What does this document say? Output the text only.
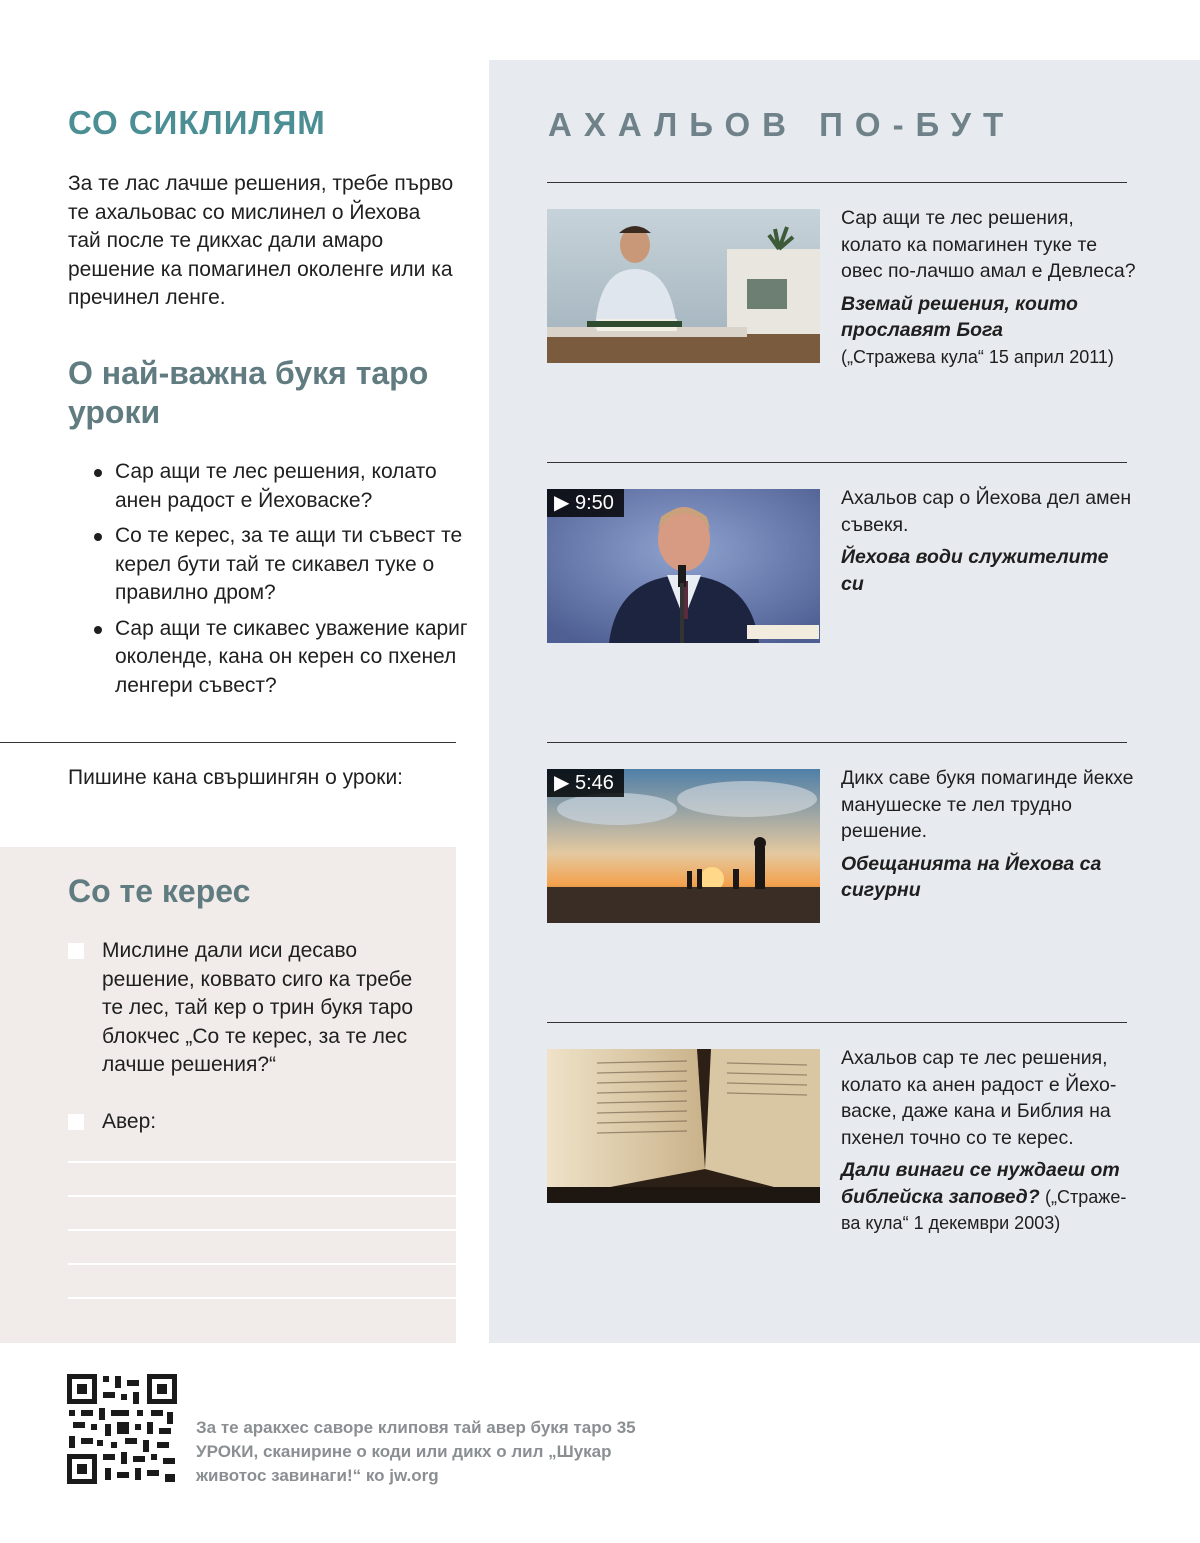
СО СИКЛИЛЯМ

За те лас лачше решения, требе първо те ахальовас со мислинел о Йехова тай после те дикхас дали амаро решение ка помагинел околенге или ка пречинел ленге.

О най-важна букя таро уроки
Сар ащи те лес решения, колато анен радост е Йеховаске?
Со те керес, за те ащи ти съвест те керел бути тай те сикавел туке о правилно дром?
Сар ащи те сикавес уважение кариг околенде, кана он керен со пхенел ленгери съвест?

Пишине кана свършингян о уроки:

Со те керес
Мислине дали иси десаво решение, коввато сиго ка требе те лес, тай кер о трин букя таро блокчес „Со те керес, за те лес лачше решения?“
Авер:
АХАЛЬОВ ПО-БУТ

Сар ащи те лес решения, колато ка помагинен туке те овес по-лачшо амал е Девлеса?

Вземай решения, които прославят Бога

(„Стражева кула“ 15 април 2011)

▶ 9:50	Ахальов сар о Йехова дел амен съвекя.

Йехова води служителите си

▶ 5:46	Дикх саве букя помагинде йекхе манушеске те лел трудно решение.

Обещанията на Йехова са сигурни

Ахальов сар те лес решения, колато ка анен радост е Йеховаске, даже кана и Библия на пхенел точно со те керес.

Дали винаги се нуждаеш от библейска заповед? („Стражева кула“ 1 декември 2003)

За те аракхес саворе клиповя тай авер букя таро 35 УРОКИ, сканирине о коди или дикх о лил „Шукар животос завинаги!“ ко jw.org
